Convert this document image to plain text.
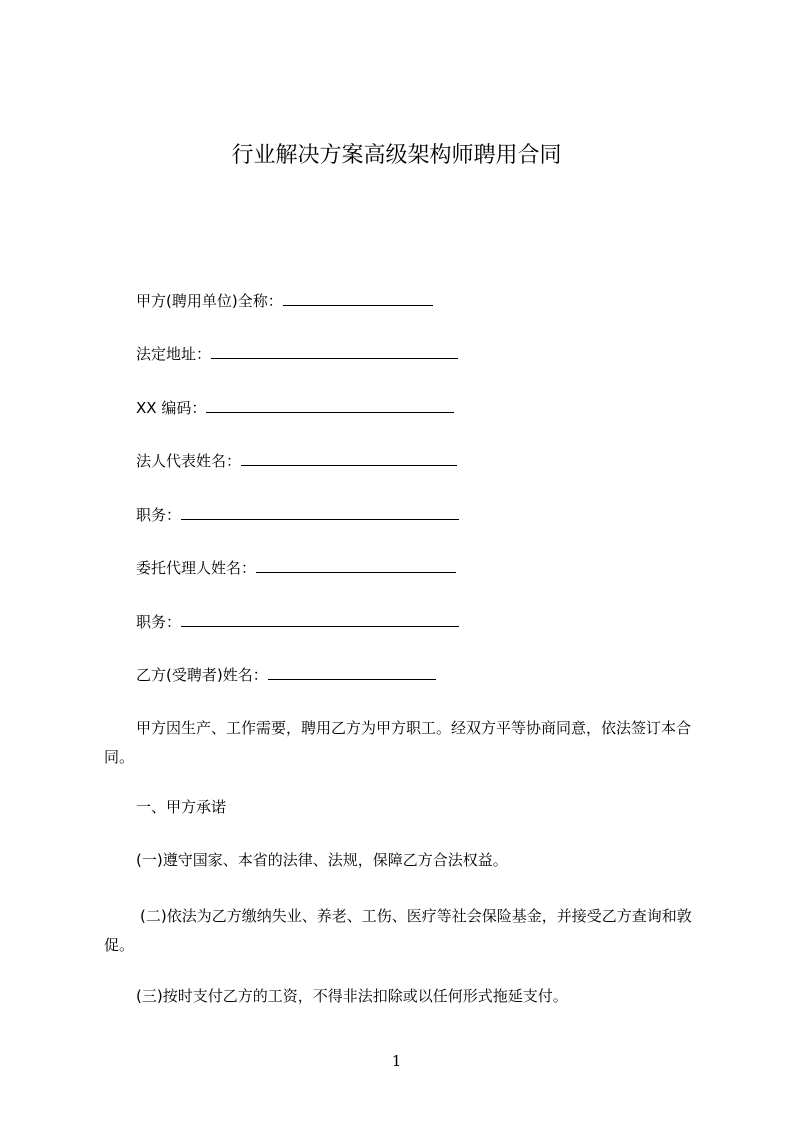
行业解决方案高级架构师聘用合同
甲方(聘用单位)全称：
法定地址：
XX 编码：
法人代表姓名：
职务：
委托代理人姓名：
职务：
乙方(受聘者)姓名：
甲方因生产、工作需要，聘用乙方为甲方职工。经双方平等协商同意，依法签订本合同。
一、甲方承诺
(一)遵守国家、本省的法律、法规，保障乙方合法权益。
(二)依法为乙方缴纳失业、养老、工伤、医疗等社会保险基金，并接受乙方查询和敦促。
(三)按时支付乙方的工资，不得非法扣除或以任何形式拖延支付。
1
